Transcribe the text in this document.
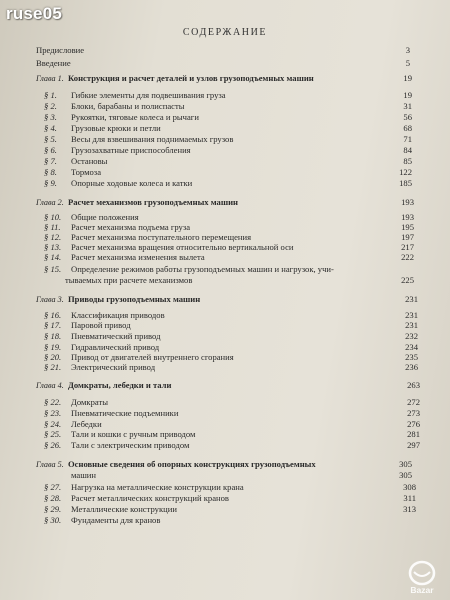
ruse05
СОДЕРЖАНИЕ
Предисловие	3
Введение	5
Глава 1. Конструкция и расчет деталей и узлов грузоподъемных машин	19
§ 1. Гибкие элементы для подвешивания груза	19
§ 2. Блоки, барабаны и полиспасты	31
§ 3. Рукоятки, тяговые колеса и рычаги	56
§ 4. Грузовые крюки и петли	68
§ 5. Весы для взвешивания поднимаемых грузов	71
§ 6. Грузозахватные приспособления	84
§ 7. Остановы	85
§ 8. Тормоза	122
§ 9. Опорные ходовые колеса и катки	185
Глава 2. Расчет механизмов грузоподъемных машин	193
§ 10. Общие положения	193
§ 11. Расчет механизма подъема груза	195
§ 12. Расчет механизма поступательного перемещения	197
§ 13. Расчет механизма вращения относительно вертикальной оси	217
§ 14. Расчет механизма изменения вылета	222
§ 15. Определение режимов работы грузоподъемных машин и нагрузок, учи-
тываемых при расчете механизмов	225
Глава 3. Приводы грузоподъемных машин	231
§ 16. Классификация приводов	231
§ 17. Паровой привод	231
§ 18. Пневматический привод	232
§ 19. Гидравлический привод	234
§ 20. Привод от двигателей внутреннего сгорания	235
§ 21. Электрический привод	236
Глава 4. Домкраты, лебедки и тали	263
§ 22. Домкраты	272
§ 23. Пневматические подъемники	273
§ 24. Лебедки	276
§ 25. Тали и кошки с ручным приводом	281
§ 26. Тали с электрическим приводом	297
Глава 5. Основные сведения об опорных конструкциях грузоподъемных	305
машин	305
§ 27. Нагрузка на металлические конструкции крана	308
§ 28. Расчет металлических конструкций кранов	311
§ 29. Металлические конструкции	313
§ 30. Фундаменты для кранов
Bazar
